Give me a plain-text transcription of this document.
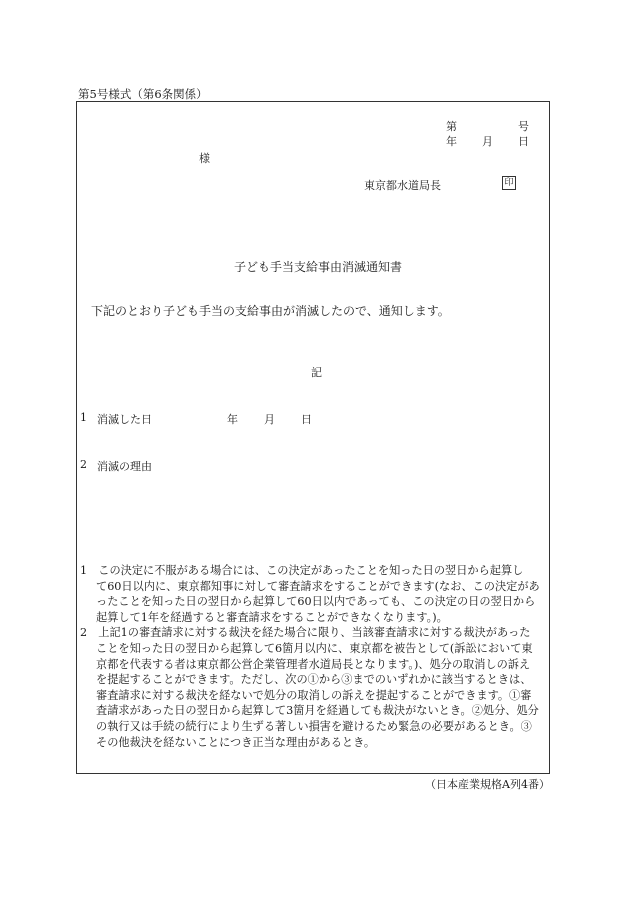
第5号様式（第6条関係）
第	号
年 月 日
様
東京都水道局長	印
子ども手当支給事由消滅通知書
下記のとおり子ども手当の支給事由が消滅したので、通知します。
記
1 消滅した日	年 月 日
2 消滅の理由
1　この決定に不服がある場合には、この決定があったことを知った日の翌日から起算し
て60日以内に、東京都知事に対して審査請求をすることができます(なお、この決定があ
ったことを知った日の翌日から起算して60日以内であっても、この決定の日の翌日から
起算して1年を経過すると審査請求をすることができなくなります。)。
2　上記1の審査請求に対する裁決を経た場合に限り、当該審査請求に対する裁決があった
ことを知った日の翌日から起算して6箇月以内に、東京都を被告として(訴訟において東
京都を代表する者は東京都公営企業管理者水道局長となります。)、処分の取消しの訴え
を提起することができます。ただし、次の①から③までのいずれかに該当するときは、
審査請求に対する裁決を経ないで処分の取消しの訴えを提起することができます。①審
査請求があった日の翌日から起算して3箇月を経過しても裁決がないとき。②処分、処分
の執行又は手続の続行により生ずる著しい損害を避けるため緊急の必要があるとき。③
その他裁決を経ないことにつき正当な理由があるとき。
（日本産業規格A列4番）
